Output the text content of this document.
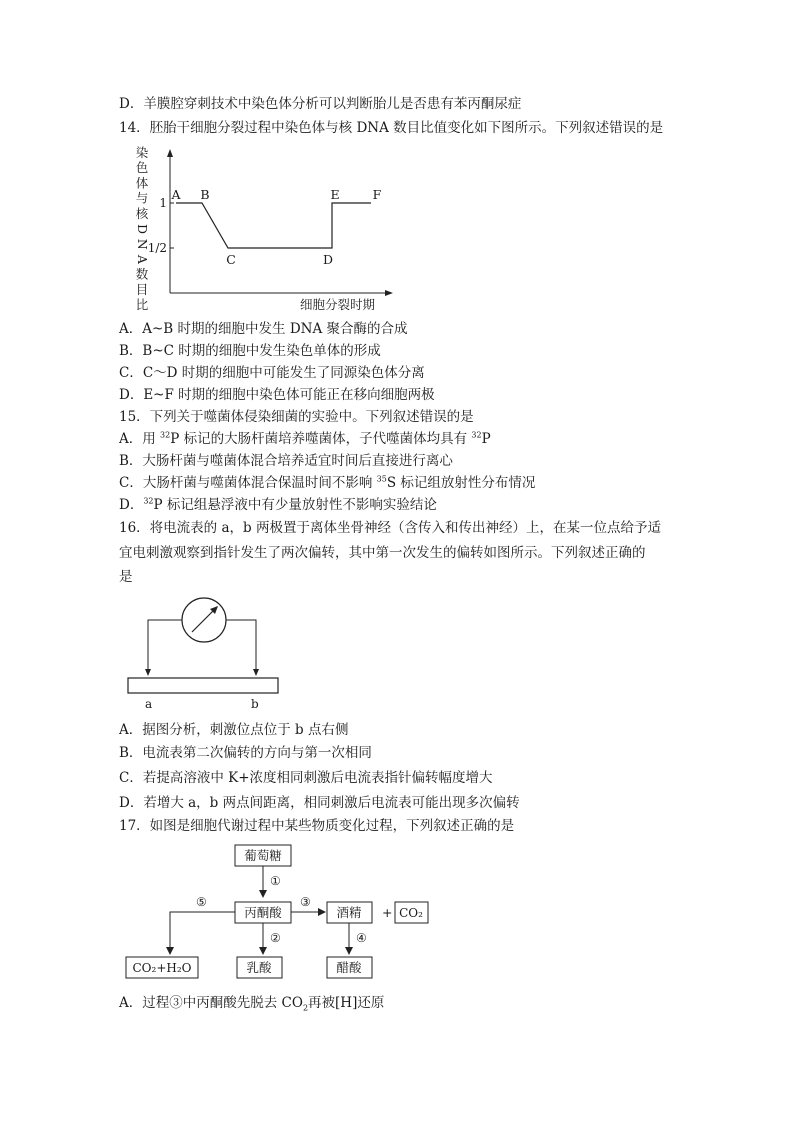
D．羊膜腔穿刺技术中染色体分析可以判断胎儿是否患有苯丙酮尿症
14．胚胎干细胞分裂过程中染色体与核 DNA 数目比值变化如下图所示。下列叙述错误的是
染
色
体
与
核
D
N
A
数
目
比
1
1/2
A B
C	D
E	F
细胞分裂时期
A．A~B 时期的细胞中发生 DNA 聚合酶的合成
B．B~C 时期的细胞中发生染色单体的形成
C．C～D 时期的细胞中可能发生了同源染色体分离
D．E~F 时期的细胞中染色体可能正在移向细胞两极
15．下列关于噬菌体侵染细菌的实验中。下列叙述错误的是
A．用 $^{32}$P 标记的大肠杆菌培养噬菌体，子代噬菌体均具有 $^{32}$P
B．大肠杆菌与噬菌体混合培养适宜时间后直接进行离心
C．大肠杆菌与噬菌体混合保温时间不影响 $^{35}$S 标记组放射性分布情况
D．$^{32}$P 标记组悬浮液中有少量放射性不影响实验结论
16．将电流表的 a，b 两极置于离体坐骨神经（含传入和传出神经）上，在某一位点给予适
宜电刺激观察到指针发生了两次偏转，其中第一次发生的偏转如图所示。下列叙述正确的
是
a	b
A．据图分析，刺激位点位于 b 点右侧
B．电流表第二次偏转的方向与第一次相同
C．若提高溶液中 K+浓度相同刺激后电流表指针偏转幅度增大
D．若增大 a，b 两点间距离，相同刺激后电流表可能出现多次偏转
17．如图是细胞代谢过程中某些物质变化过程，下列叙述正确的是
葡萄糖
①
丙酮酸
③
酒精 + CO₂
④
醋酸
②
乳酸
⑤
CO₂+H₂O
A．过程③中丙酮酸先脱去 $CO_2$再被[H]还原
